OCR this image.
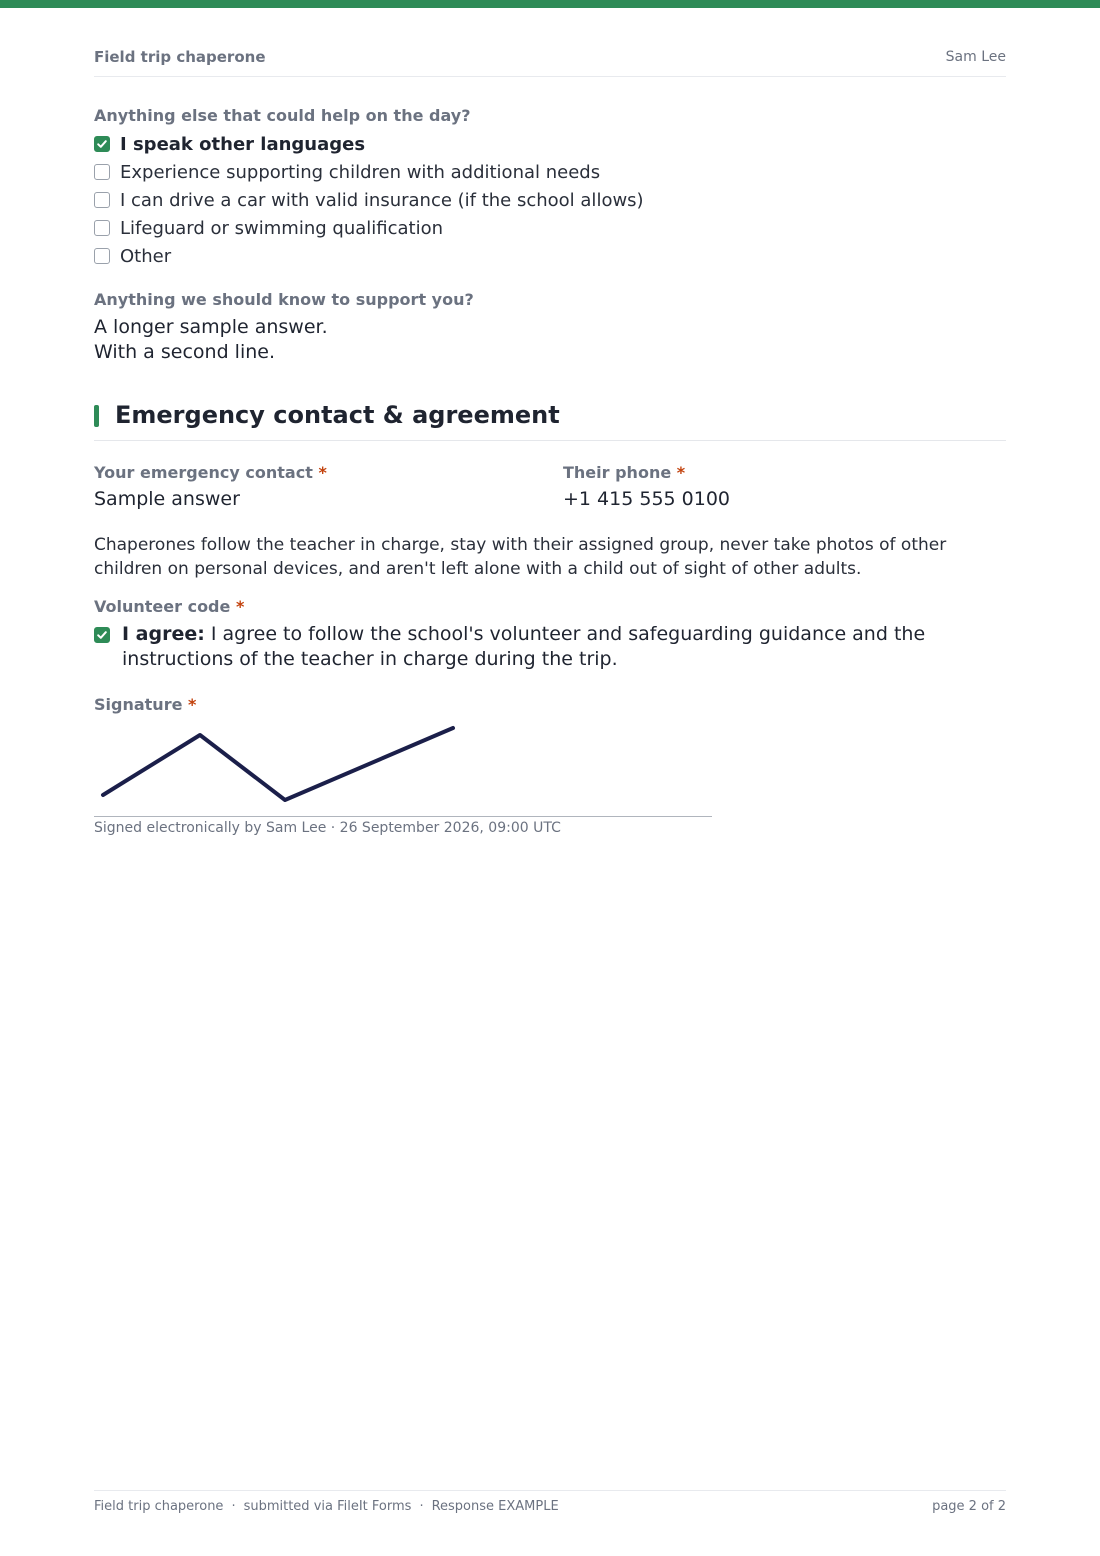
Field trip chaperone	Sam Lee
Anything else that could help on the day?
I speak other languages
Experience supporting children with additional needs
I can drive a car with valid insurance (if the school allows)
Lifeguard or swimming qualification
Other
Anything we should know to support you?
A longer sample answer.
With a second line.
Emergency contact & agreement
Your emergency contact *
Sample answer
Their phone *
+1 415 555 0100
Chaperones follow the teacher in charge, stay with their assigned group, never take photos of other children on personal devices, and aren't left alone with a child out of sight of other adults.
Volunteer code *
I agree: I agree to follow the school's volunteer and safeguarding guidance and the instructions of the teacher in charge during the trip.
Signature *
Signed electronically by Sam Lee · 26 September 2026, 09:00 UTC
Field trip chaperone · submitted via FileIt Forms · Response EXAMPLE	page 2 of 2
